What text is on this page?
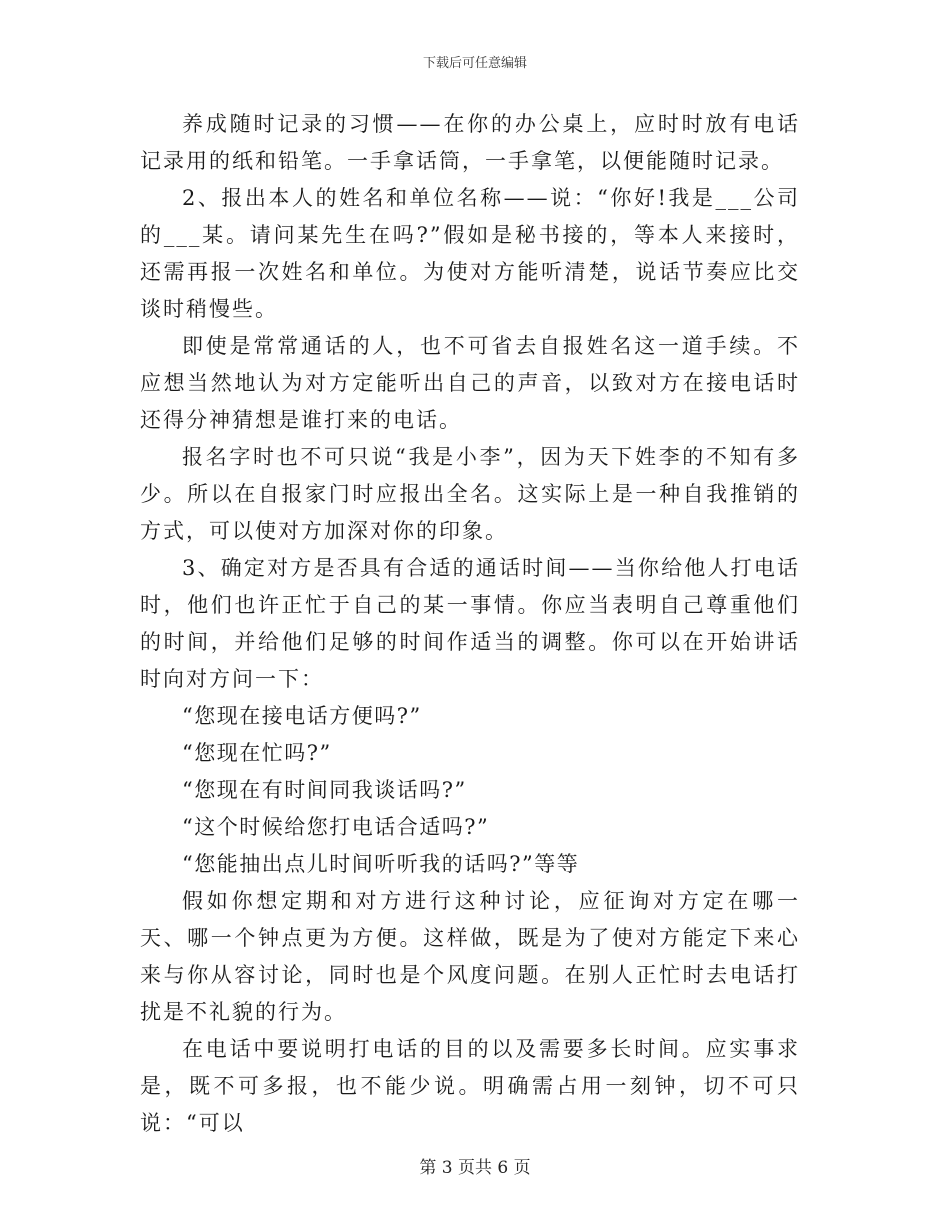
下载后可任意编辑

养成随时记录的习惯——在你的办公桌上，应时时放有电话记录用的纸和铅笔。一手拿话筒，一手拿笔，以便能随时记录。

2、报出本人的姓名和单位名称——说：“你好!我是___公司的___某。请问某先生在吗?”假如是秘书接的，等本人来接时，还需再报一次姓名和单位。为使对方能听清楚，说话节奏应比交谈时稍慢些。

即使是常常通话的人，也不可省去自报姓名这一道手续。不应想当然地认为对方定能听出自己的声音，以致对方在接电话时还得分神猜想是谁打来的电话。

报名字时也不可只说“我是小李”，因为天下姓李的不知有多少。所以在自报家门时应报出全名。这实际上是一种自我推销的方式，可以使对方加深对你的印象。

3、确定对方是否具有合适的通话时间——当你给他人打电话时，他们也许正忙于自己的某一事情。你应当表明自己尊重他们的时间，并给他们足够的时间作适当的调整。你可以在开始讲话时向对方问一下：

“您现在接电话方便吗?”

“您现在忙吗?”

“您现在有时间同我谈话吗?”

“这个时候给您打电话合适吗?”

“您能抽出点儿时间听听我的话吗?”等等

假如你想定期和对方进行这种讨论，应征询对方定在哪一天、哪一个钟点更为方便。这样做，既是为了使对方能定下来心来与你从容讨论，同时也是个风度问题。在别人正忙时去电话打扰是不礼貌的行为。

在电话中要说明打电话的目的以及需要多长时间。应实事求是，既不可多报，也不能少说。明确需占用一刻钟，切不可只说：“可以

第 3 页共 6 页
